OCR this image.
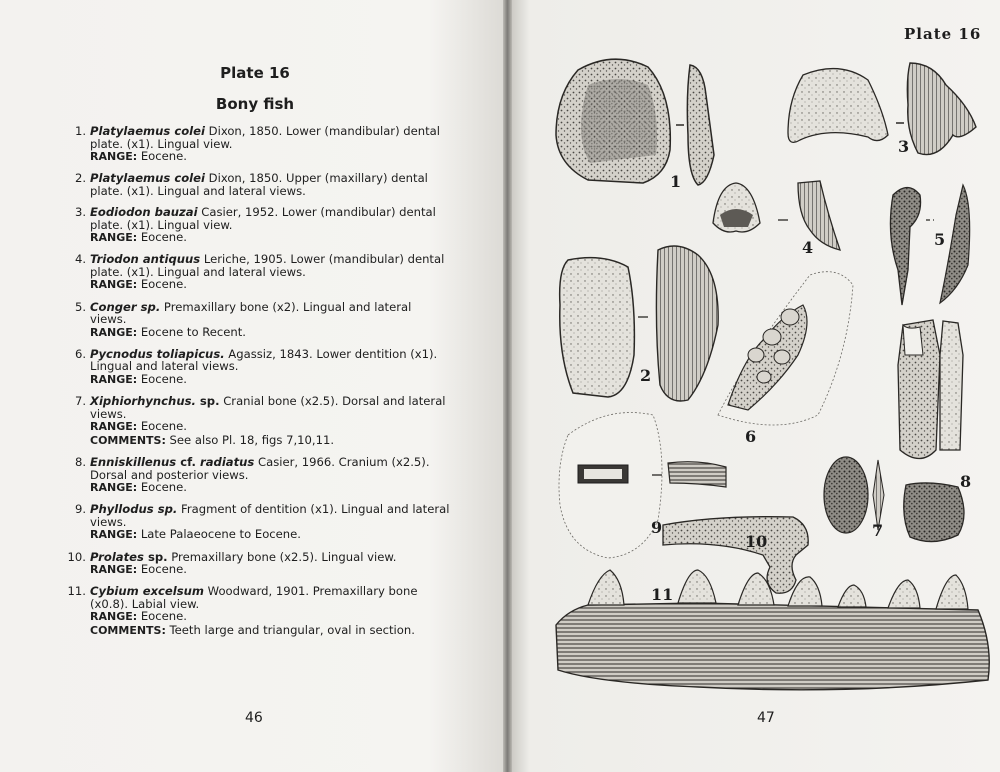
Plate 16
Bony fish
1. Platylaemus colei Dixon, 1850. Lower (mandibular) dental plate. (x1). Lingual view.
RANGE: Eocene.
2. Platylaemus colei Dixon, 1850. Upper (maxillary) dental plate. (x1). Lingual and lateral views.
3. Eodiodon bauzai Casier, 1952. Lower (mandibular) dental plate. (x1). Lingual view.
RANGE: Eocene.
4. Triodon antiquus Leriche, 1905. Lower (mandibular) dental plate. (x1). Lingual and lateral views.
RANGE: Eocene.
5. Conger sp. Premaxillary bone (x2). Lingual and lateral views.
RANGE: Eocene to Recent.
6. Pycnodus toliapicus. Agassiz, 1843. Lower dentition (x1). Lingual and lateral views.
RANGE: Eocene.
7. Xiphiorhynchus. sp. Cranial bone (x2.5). Dorsal and lateral views.
RANGE: Eocene.
COMMENTS: See also Pl. 18, figs 7,10,11.
8. Enniskillenus cf. radiatus Casier, 1966. Cranium (x2.5). Dorsal and posterior views.
RANGE: Eocene.
9. Phyllodus sp. Fragment of dentition (x1). Lingual and lateral views.
RANGE: Late Palaeocene to Eocene.
10. Prolates sp. Premaxillary bone (x2.5). Lingual view.
RANGE: Eocene.
11. Cybium excelsum Woodward, 1901. Premaxillary bone (x0.8). Labial view.
RANGE: Eocene.
COMMENTS: Teeth large and triangular, oval in section.
46
Plate 16
1
2
3
4	5
6
7
8
9
10
11
47
